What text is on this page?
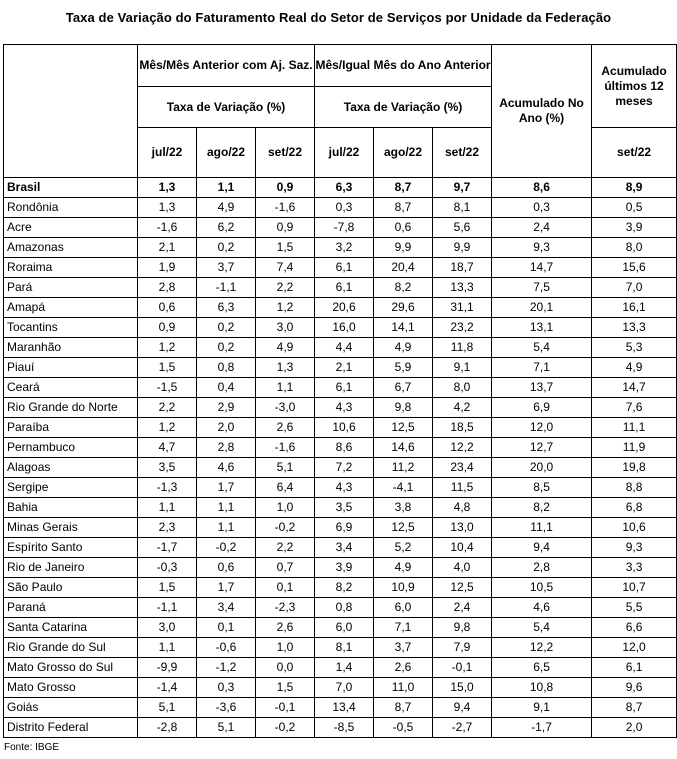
Taxa de Variação do Faturamento Real do Setor de Serviços por Unidade da Federação
	Mês/Mês Anterior com Aj. Saz.			Mês/Igual Mês do Ano Anterior			Acumulado No Ano (%)	Acumulado últimos 12 meses
	Taxa de Variação (%)			Taxa de Variação (%)				
	jul/22	ago/22	set/22	jul/22	ago/22	set/22		set/22
Brasil	1,3	1,1	0,9	6,3	8,7	9,7	8,6	8,9
Rondônia	1,3	4,9	-1,6	0,3	8,7	8,1	0,3	0,5
Acre	-1,6	6,2	0,9	-7,8	0,6	5,6	2,4	3,9
Amazonas	2,1	0,2	1,5	3,2	9,9	9,9	9,3	8,0
Roraima	1,9	3,7	7,4	6,1	20,4	18,7	14,7	15,6
Pará	2,8	-1,1	2,2	6,1	8,2	13,3	7,5	7,0
Amapá	0,6	6,3	1,2	20,6	29,6	31,1	20,1	16,1
Tocantins	0,9	0,2	3,0	16,0	14,1	23,2	13,1	13,3
Maranhão	1,2	0,2	4,9	4,4	4,9	11,8	5,4	5,3
Piauí	1,5	0,8	1,3	2,1	5,9	9,1	7,1	4,9
Ceará	-1,5	0,4	1,1	6,1	6,7	8,0	13,7	14,7
Rio Grande do Norte	2,2	2,9	-3,0	4,3	9,8	4,2	6,9	7,6
Paraíba	1,2	2,0	2,6	10,6	12,5	18,5	12,0	11,1
Pernambuco	4,7	2,8	-1,6	8,6	14,6	12,2	12,7	11,9
Alagoas	3,5	4,6	5,1	7,2	11,2	23,4	20,0	19,8
Sergipe	-1,3	1,7	6,4	4,3	-4,1	11,5	8,5	8,8
Bahia	1,1	1,1	1,0	3,5	3,8	4,8	8,2	6,8
Minas Gerais	2,3	1,1	-0,2	6,9	12,5	13,0	11,1	10,6
Espírito Santo	-1,7	-0,2	2,2	3,4	5,2	10,4	9,4	9,3
Rio de Janeiro	-0,3	0,6	0,7	3,9	4,9	4,0	2,8	3,3
São Paulo	1,5	1,7	0,1	8,2	10,9	12,5	10,5	10,7
Paraná	-1,1	3,4	-2,3	0,8	6,0	2,4	4,6	5,5
Santa Catarina	3,0	0,1	2,6	6,0	7,1	9,8	5,4	6,6
Rio Grande do Sul	1,1	-0,6	1,0	8,1	3,7	7,9	12,2	12,0
Mato Grosso do Sul	-9,9	-1,2	0,0	1,4	2,6	-0,1	6,5	6,1
Mato Grosso	-1,4	0,3	1,5	7,0	11,0	15,0	10,8	9,6
Goiás	5,1	-3,6	-0,1	13,4	8,7	9,4	9,1	8,7
Distrito Federal	-2,8	5,1	-0,2	-8,5	-0,5	-2,7	-1,7	2,0
Fonte: IBGE
